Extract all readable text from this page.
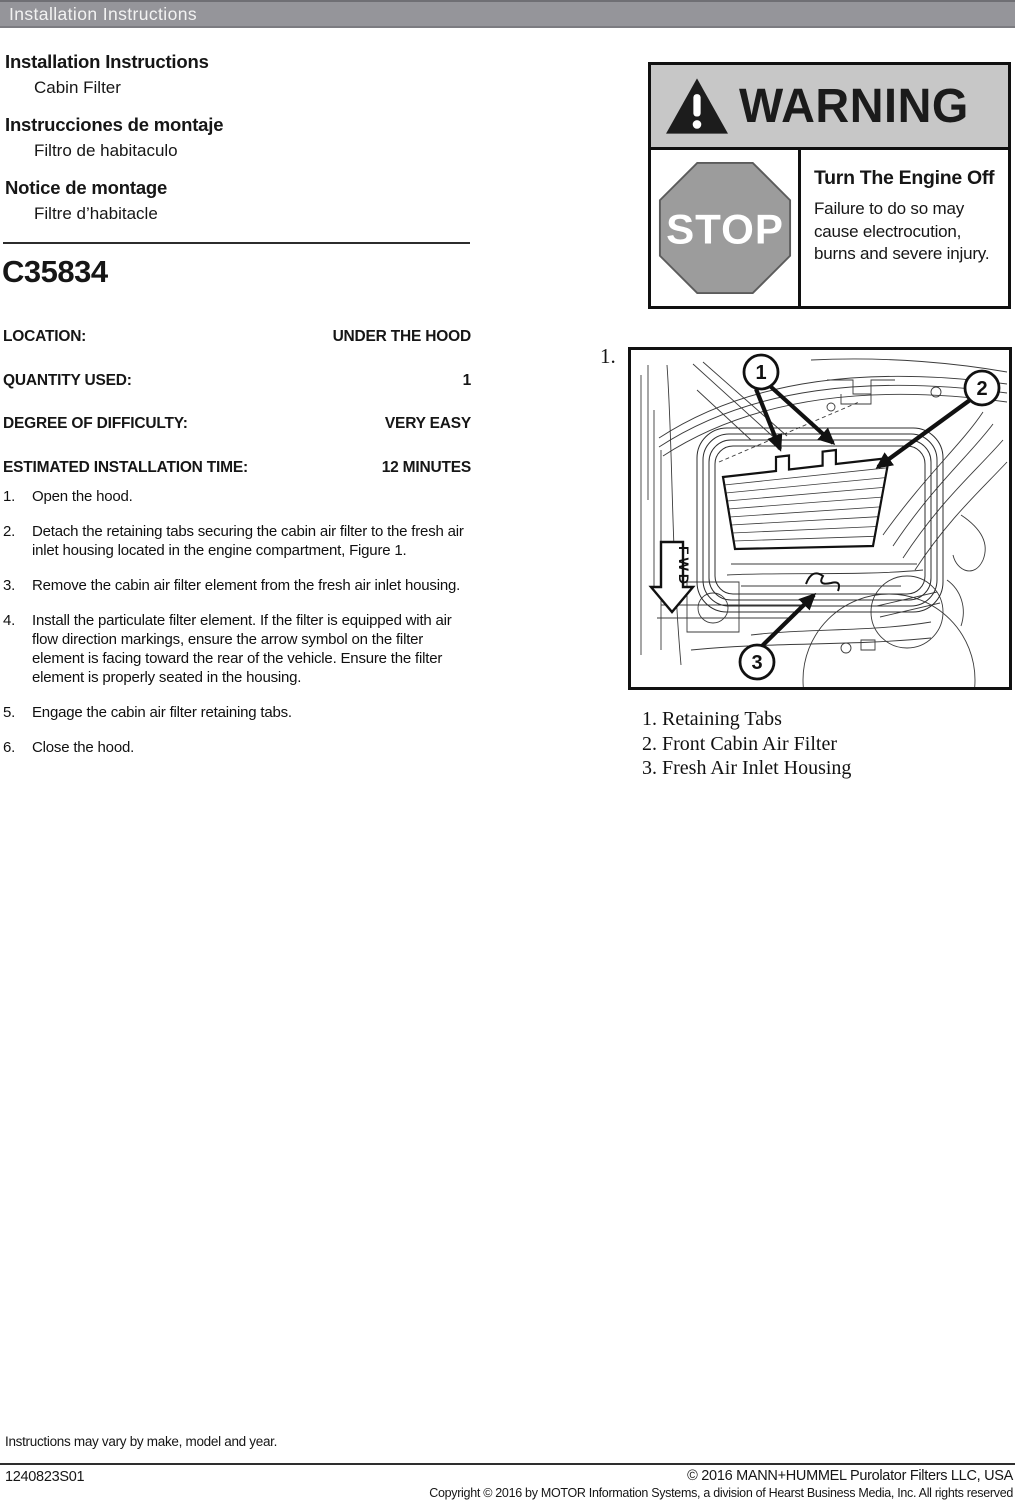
Installation Instructions
Installation Instructions
Cabin Filter
Instrucciones de montaje
Filtro de habitaculo
Notice de montage
Filtre d’habitacle
C35834
LOCATION:	UNDER THE HOOD
QUANTITY USED:	1
DEGREE OF DIFFICULTY:	VERY EASY
ESTIMATED INSTALLATION TIME:	12 MINUTES
1.	Open the hood.
2.	Detach the retaining tabs securing the cabin air filter to the fresh air inlet housing located in the engine compartment, Figure 1.
3.	Remove the cabin air filter element from the fresh air inlet housing.
4.	Install the particulate filter element. If the filter is equipped with air flow direction markings, ensure the arrow symbol on the filter element is facing toward the rear of the vehicle. Ensure the filter element is properly seated in the housing.
5.	Engage the cabin air filter retaining tabs.
6.	Close the hood.
WARNING
STOP
Turn The Engine Off
Failure to do so may cause electrocution, burns and severe injury.
1.
FWD
1
2
3
1. Retaining Tabs
2. Front Cabin Air Filter
3. Fresh Air Inlet Housing
Instructions may vary by make, model and year.
1240823S01	© 2016 MANN+HUMMEL Purolator Filters LLC, USA
Copyright © 2016 by MOTOR Information Systems, a division of Hearst Business Media, Inc. All rights reserved
